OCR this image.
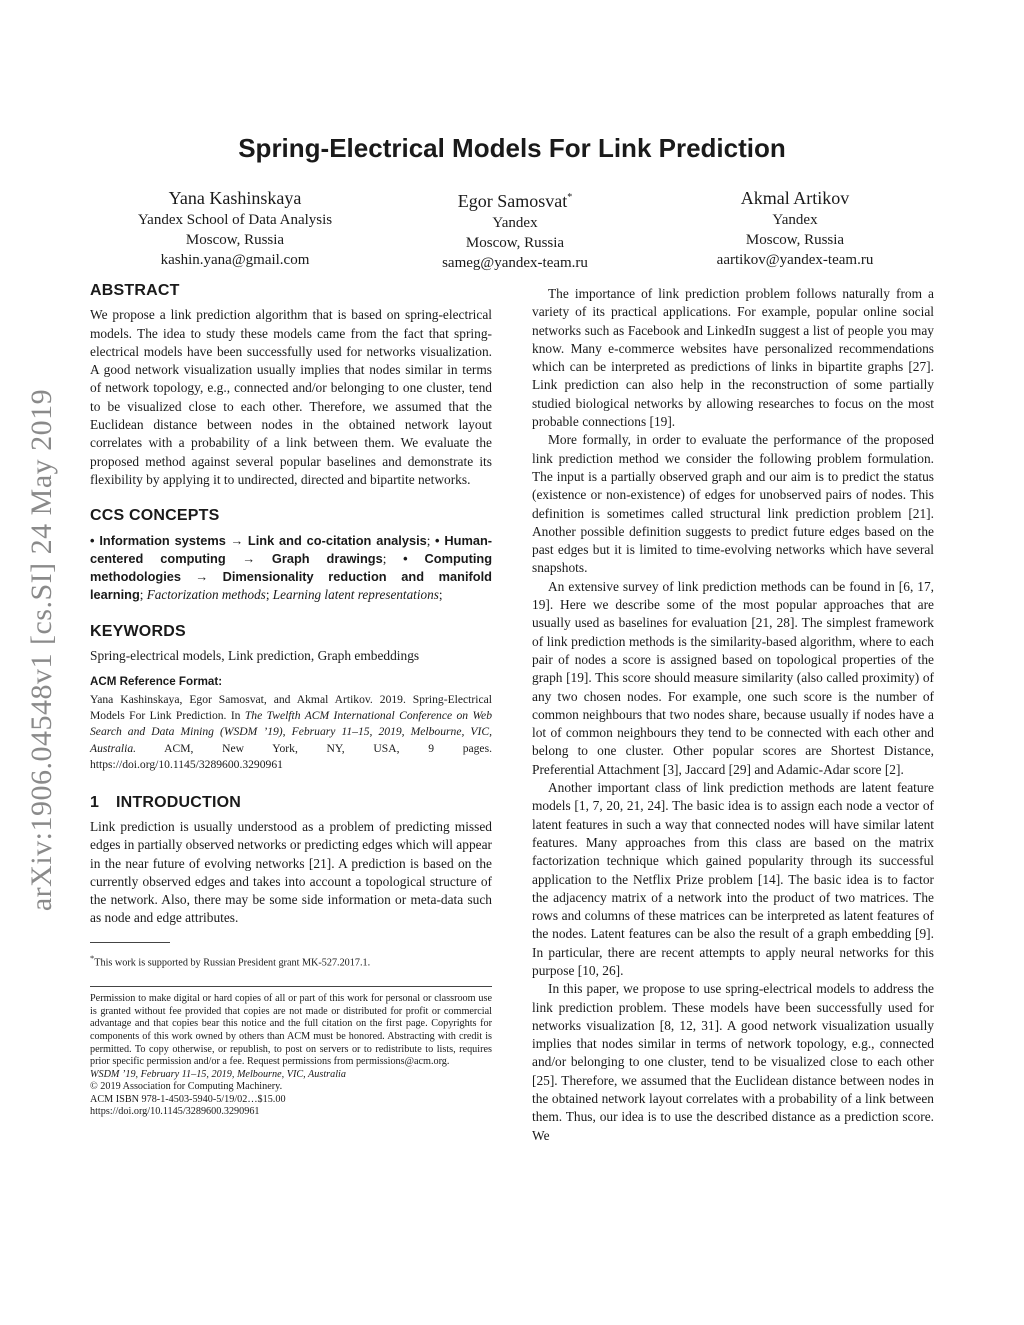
arXiv:1906.04548v1 [cs.SI] 24 May 2019
Spring-Electrical Models For Link Prediction
Yana Kashinskaya
Yandex School of Data Analysis
Moscow, Russia
kashin.yana@gmail.com
Egor Samosvat*
Yandex
Moscow, Russia
sameg@yandex-team.ru
Akmal Artikov
Yandex
Moscow, Russia
aartikov@yandex-team.ru
ABSTRACT

We propose a link prediction algorithm that is based on spring-electrical models. The idea to study these models came from the fact that spring-electrical models have been successfully used for networks visualization. A good network visualization usually implies that nodes similar in terms of network topology, e.g., connected and/or belonging to one cluster, tend to be visualized close to each other. Therefore, we assumed that the Euclidean distance between nodes in the obtained network layout correlates with a probability of a link between them. We evaluate the proposed method against several popular baselines and demonstrate its flexibility by applying it to undirected, directed and bipartite networks.

CCS CONCEPTS

• Information systems → Link and co-citation analysis; • Human-centered computing → Graph drawings; • Computing methodologies → Dimensionality reduction and manifold learning; Factorization methods; Learning latent representations;

KEYWORDS

Spring-electrical models, Link prediction, Graph embeddings

ACM Reference Format:

Yana Kashinskaya, Egor Samosvat, and Akmal Artikov. 2019. Spring-Electrical Models For Link Prediction. In The Twelfth ACM International Conference on Web Search and Data Mining (WSDM ’19), February 11–15, 2019, Melbourne, VIC, Australia. ACM, New York, NY, USA, 9 pages. https://doi.org/10.1145/3289600.3290961

1 INTRODUCTION

Link prediction is usually understood as a problem of predicting missed edges in partially observed networks or predicting edges which will appear in the near future of evolving networks [21]. A prediction is based on the currently observed edges and takes into account a topological structure of the network. Also, there may be some side information or meta-data such as node and edge attributes.

*This work is supported by Russian President grant MK-527.2017.1.

Permission to make digital or hard copies of all or part of this work for personal or classroom use is granted without fee provided that copies are not made or distributed for profit or commercial advantage and that copies bear this notice and the full citation on the first page. Copyrights for components of this work owned by others than ACM must be honored. Abstracting with credit is permitted. To copy otherwise, or republish, to post on servers or to redistribute to lists, requires prior specific permission and/or a fee. Request permissions from permissions@acm.org.
WSDM ’19, February 11–15, 2019, Melbourne, VIC, Australia
© 2019 Association for Computing Machinery.
ACM ISBN 978-1-4503-5940-5/19/02…$15.00
https://doi.org/10.1145/3289600.3290961

The importance of link prediction problem follows naturally from a variety of its practical applications. For example, popular online social networks such as Facebook and LinkedIn suggest a list of people you may know. Many e-commerce websites have personalized recommendations which can be interpreted as predictions of links in bipartite graphs [27]. Link prediction can also help in the reconstruction of some partially studied biological networks by allowing researches to focus on the most probable connections [19].

More formally, in order to evaluate the performance of the proposed link prediction method we consider the following problem formulation. The input is a partially observed graph and our aim is to predict the status (existence or non-existence) of edges for unobserved pairs of nodes. This definition is sometimes called structural link prediction problem [21]. Another possible definition suggests to predict future edges based on the past edges but it is limited to time-evolving networks which have several snapshots.

An extensive survey of link prediction methods can be found in [6, 17, 19]. Here we describe some of the most popular approaches that are usually used as baselines for evaluation [21, 28]. The simplest framework of link prediction methods is the similarity-based algorithm, where to each pair of nodes a score is assigned based on topological properties of the graph [19]. This score should measure similarity (also called proximity) of any two chosen nodes. For example, one such score is the number of common neighbours that two nodes share, because usually if nodes have a lot of common neighbours they tend to be connected with each other and belong to one cluster. Other popular scores are Shortest Distance, Preferential Attachment [3], Jaccard [29] and Adamic-Adar score [2].

Another important class of link prediction methods are latent feature models [1, 7, 20, 21, 24]. The basic idea is to assign each node a vector of latent features in such a way that connected nodes will have similar latent features. Many approaches from this class are based on the matrix factorization technique which gained popularity through its successful application to the Netflix Prize problem [14]. The basic idea is to factor the adjacency matrix of a network into the product of two matrices. The rows and columns of these matrices can be interpreted as latent features of the nodes. Latent features can be also the result of a graph embedding [9]. In particular, there are recent attempts to apply neural networks for this purpose [10, 26].

In this paper, we propose to use spring-electrical models to address the link prediction problem. These models have been successfully used for networks visualization [8, 12, 31]. A good network visualization usually implies that nodes similar in terms of network topology, e.g., connected and/or belonging to one cluster, tend to be visualized close to each other [25]. Therefore, we assumed that the Euclidean distance between nodes in the obtained network layout correlates with a probability of a link between them. Thus, our idea is to use the described distance as a prediction score. We
